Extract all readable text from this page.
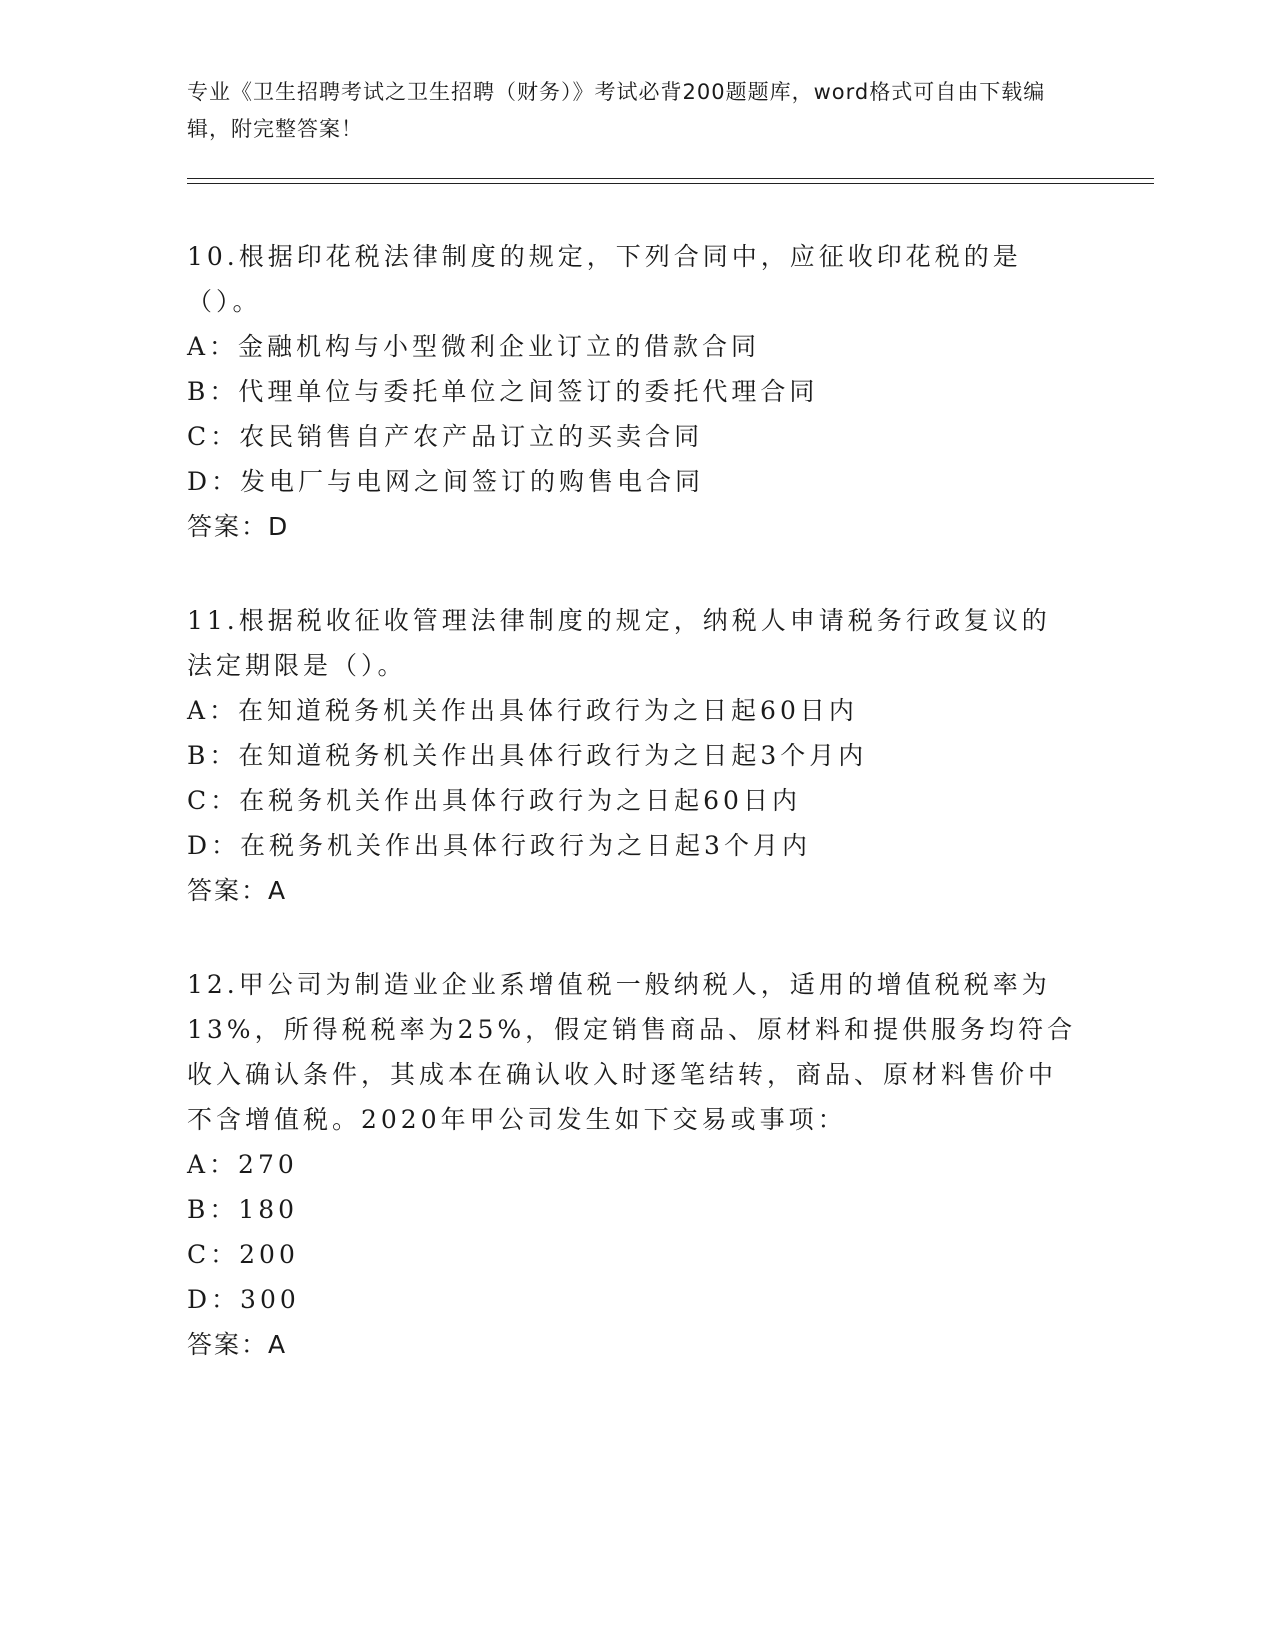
专业《卫生招聘考试之卫生招聘（财务）》考试必背200题题库，word格式可自由下载编辑，附完整答案！

10.根据印花税法律制度的规定，下列合同中，应征收印花税的是（）。

A：金融机构与小型微利企业订立的借款合同

B：代理单位与委托单位之间签订的委托代理合同

C：农民销售自产农产品订立的买卖合同

D：发电厂与电网之间签订的购售电合同

答案：D

11.根据税收征收管理法律制度的规定，纳税人申请税务行政复议的法定期限是（）。

A：在知道税务机关作出具体行政行为之日起60日内

B：在知道税务机关作出具体行政行为之日起3个月内

C：在税务机关作出具体行政行为之日起60日内

D：在税务机关作出具体行政行为之日起3个月内

答案：A

12.甲公司为制造业企业系增值税一般纳税人，适用的增值税税率为13%，所得税税率为25%，假定销售商品、原材料和提供服务均符合收入确认条件，其成本在确认收入时逐笔结转，商品、原材料售价中不含增值税。2020年甲公司发生如下交易或事项：

A：270

B：180

C：200

D：300

答案：A
